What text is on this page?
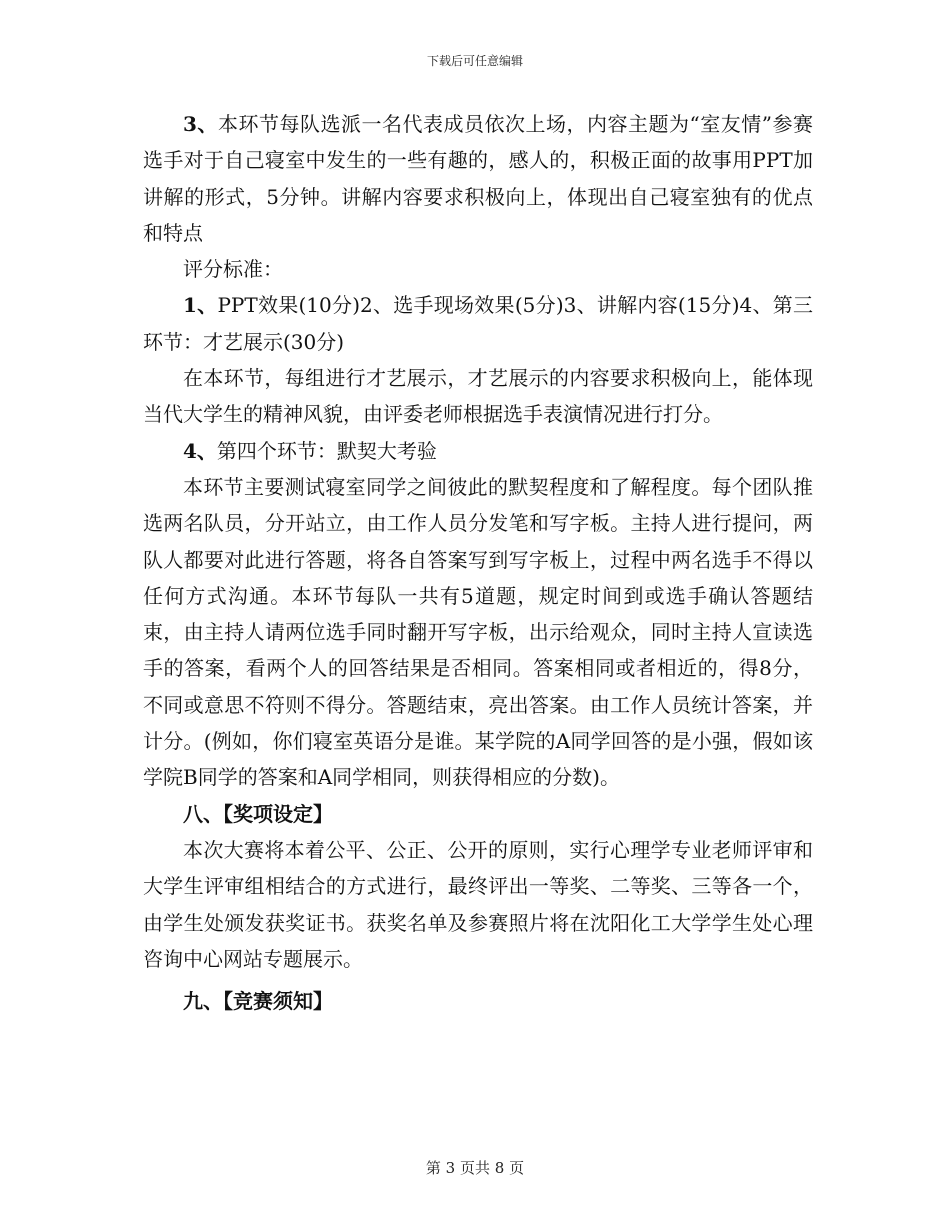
下载后可任意编辑

3、本环节每队选派一名代表成员依次上场，内容主题为“室友情”参赛选手对于自己寝室中发生的一些有趣的，感人的，积极正面的故事用PPT加讲解的形式，5分钟。讲解内容要求积极向上，体现出自己寝室独有的优点和特点

评分标准：

1、PPT效果(10分)2、选手现场效果(5分)3、讲解内容(15分)4、第三环节：才艺展示(30分)

在本环节，每组进行才艺展示，才艺展示的内容要求积极向上，能体现当代大学生的精神风貌，由评委老师根据选手表演情况进行打分。

4、第四个环节：默契大考验

本环节主要测试寝室同学之间彼此的默契程度和了解程度。每个团队推选两名队员，分开站立，由工作人员分发笔和写字板。主持人进行提问，两队人都要对此进行答题，将各自答案写到写字板上，过程中两名选手不得以任何方式沟通。本环节每队一共有5道题，规定时间到或选手确认答题结束，由主持人请两位选手同时翻开写字板，出示给观众，同时主持人宣读选手的答案，看两个人的回答结果是否相同。答案相同或者相近的，得8分，不同或意思不符则不得分。答题结束，亮出答案。由工作人员统计答案，并计分。(例如，你们寝室英语分是谁。某学院的A同学回答的是小强，假如该学院B同学的答案和A同学相同，则获得相应的分数)。

八、【奖项设定】

本次大赛将本着公平、公正、公开的原则，实行心理学专业老师评审和大学生评审组相结合的方式进行，最终评出一等奖、二等奖、三等各一个，由学生处颁发获奖证书。获奖名单及参赛照片将在沈阳化工大学学生处心理咨询中心网站专题展示。

九、【竞赛须知】

第 3 页共 8 页
